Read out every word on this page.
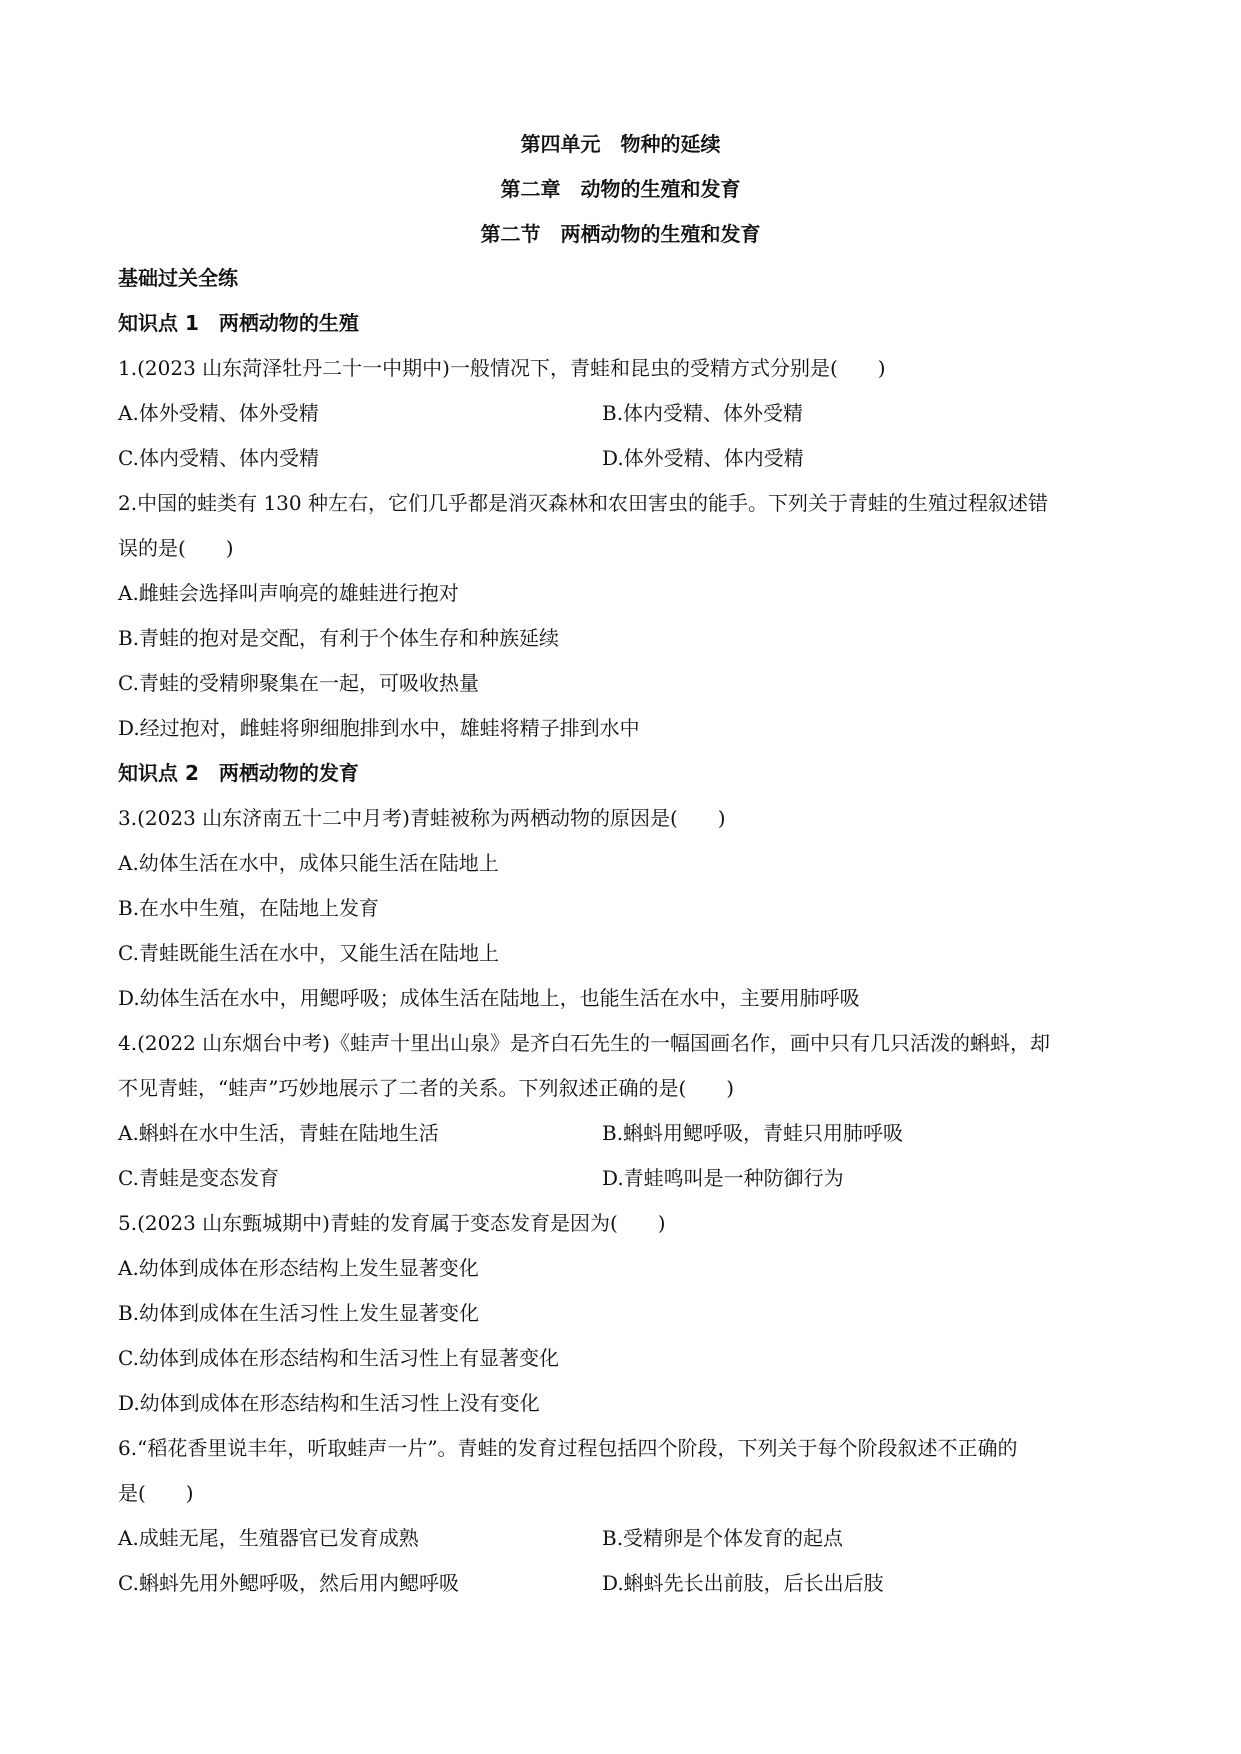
第四单元　物种的延续
第二章　动物的生殖和发育
第二节　两栖动物的生殖和发育
基础过关全练
知识点 1　两栖动物的生殖
1.(2023 山东菏泽牡丹二十一中期中)一般情况下，青蛙和昆虫的受精方式分别是(　　)
A.体外受精、体外受精	B.体内受精、体外受精
C.体内受精、体内受精	D.体外受精、体内受精
2.中国的蛙类有 130 种左右，它们几乎都是消灭森林和农田害虫的能手。下列关于青蛙的生殖过程叙述错
误的是(　　)
A.雌蛙会选择叫声响亮的雄蛙进行抱对
B.青蛙的抱对是交配，有利于个体生存和种族延续
C.青蛙的受精卵聚集在一起，可吸收热量
D.经过抱对，雌蛙将卵细胞排到水中，雄蛙将精子排到水中
知识点 2　两栖动物的发育
3.(2023 山东济南五十二中月考)青蛙被称为两栖动物的原因是(　　)
A.幼体生活在水中，成体只能生活在陆地上
B.在水中生殖，在陆地上发育
C.青蛙既能生活在水中，又能生活在陆地上
D.幼体生活在水中，用鳃呼吸；成体生活在陆地上，也能生活在水中，主要用肺呼吸
4.(2022 山东烟台中考)《蛙声十里出山泉》是齐白石先生的一幅国画名作，画中只有几只活泼的蝌蚪，却
不见青蛙，“蛙声”巧妙地展示了二者的关系。下列叙述正确的是(　　)
A.蝌蚪在水中生活，青蛙在陆地生活	B.蝌蚪用鳃呼吸，青蛙只用肺呼吸
C.青蛙是变态发育	D.青蛙鸣叫是一种防御行为
5.(2023 山东甄城期中)青蛙的发育属于变态发育是因为(　　)
A.幼体到成体在形态结构上发生显著变化
B.幼体到成体在生活习性上发生显著变化
C.幼体到成体在形态结构和生活习性上有显著变化
D.幼体到成体在形态结构和生活习性上没有变化
6.“稻花香里说丰年，听取蛙声一片”。青蛙的发育过程包括四个阶段，下列关于每个阶段叙述不正确的
是(　　)
A.成蛙无尾，生殖器官已发育成熟	B.受精卵是个体发育的起点
C.蝌蚪先用外鳃呼吸，然后用内鳃呼吸	D.蝌蚪先长出前肢，后长出后肢
